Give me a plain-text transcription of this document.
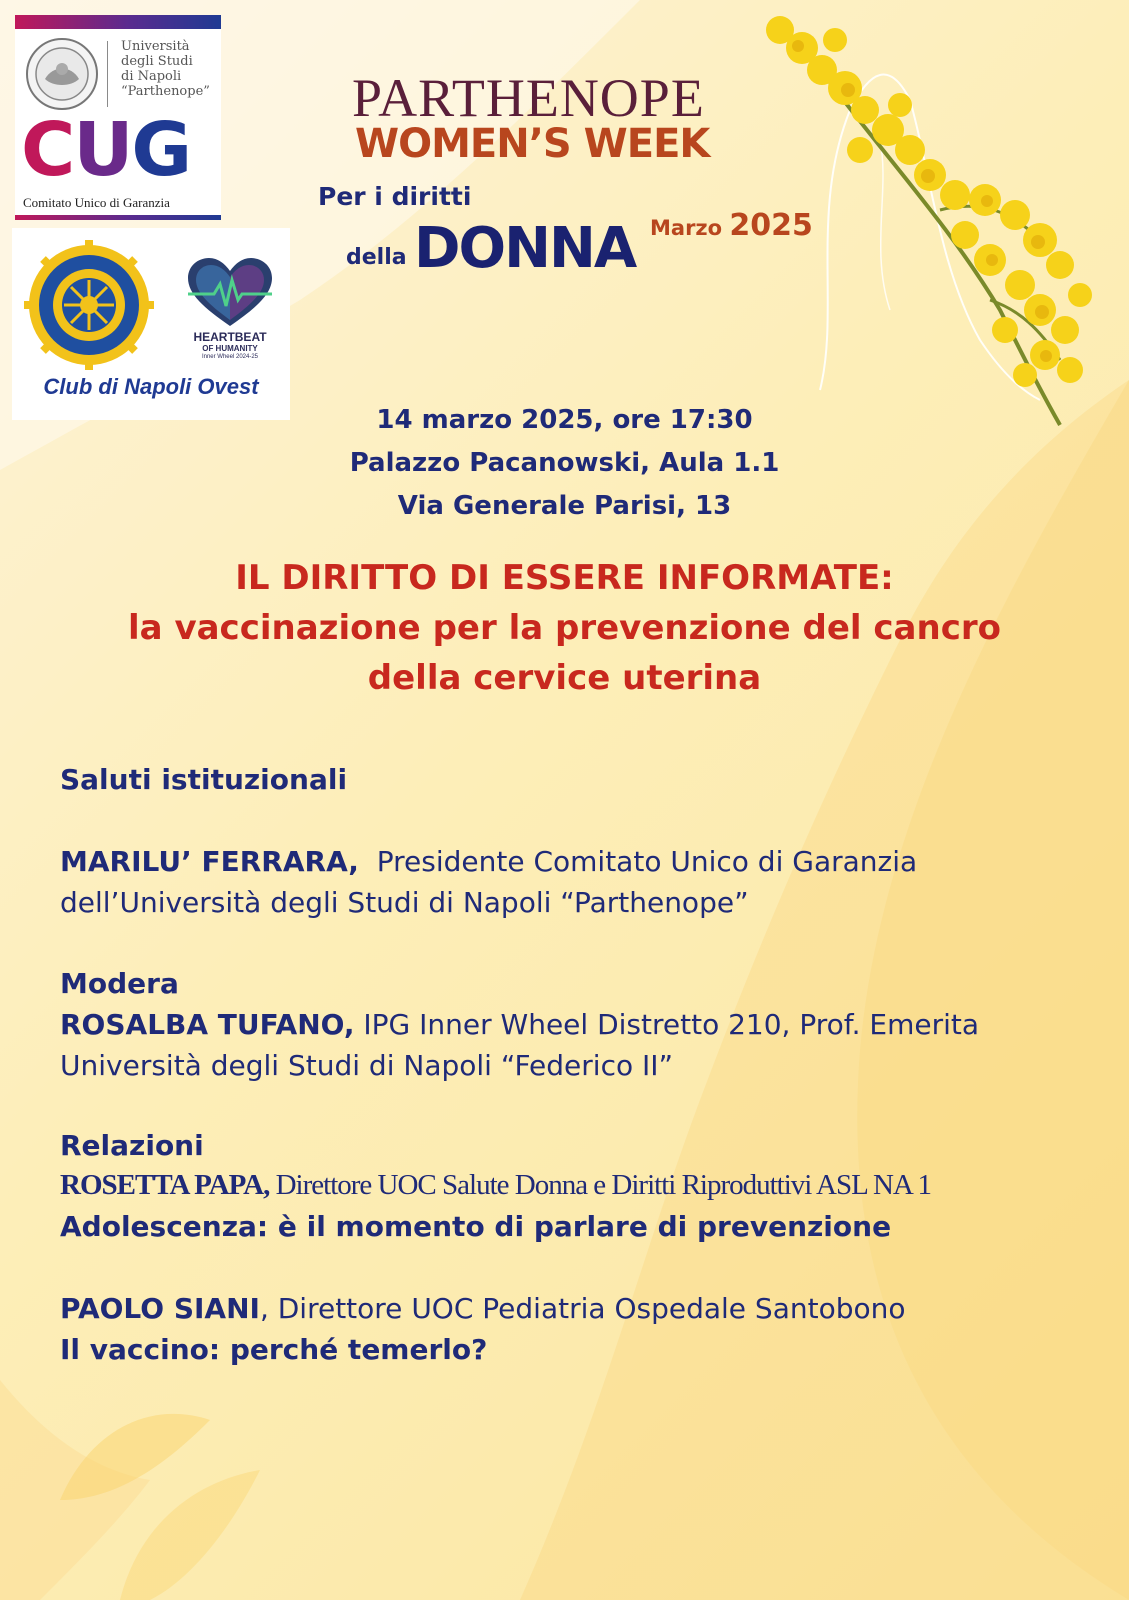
Università
degli Studi
di Napoli
“Parthenope”
CUG
Comitato Unico di Garanzia
HEARTBEAT
OF HUMANITY
Inner Wheel 2024-25
Club di Napoli Ovest
PARTHENOPE
WOMEN’S WEEK
Per i diritti
della DONNA Marzo 2025
14 marzo 2025, ore 17:30
Palazzo Pacanowski, Aula 1.1
Via Generale Parisi, 13
IL DIRITTO DI ESSERE INFORMATE:
la vaccinazione per la prevenzione del cancro
della cervice uterina
Saluti istituzionali
MARILU’ FERRARA, Presidente Comitato Unico di Garanzia
dell’Università degli Studi di Napoli “Parthenope”
Modera
ROSALBA TUFANO, IPG Inner Wheel Distretto 210, Prof. Emerita
Università degli Studi di Napoli “Federico II”
Relazioni
ROSETTA PAPA, Direttore UOC Salute Donna e Diritti Riproduttivi ASL NA 1
Adolescenza: è il momento di parlare di prevenzione
PAOLO SIANI, Direttore UOC Pediatria Ospedale Santobono
Il vaccino: perché temerlo?
